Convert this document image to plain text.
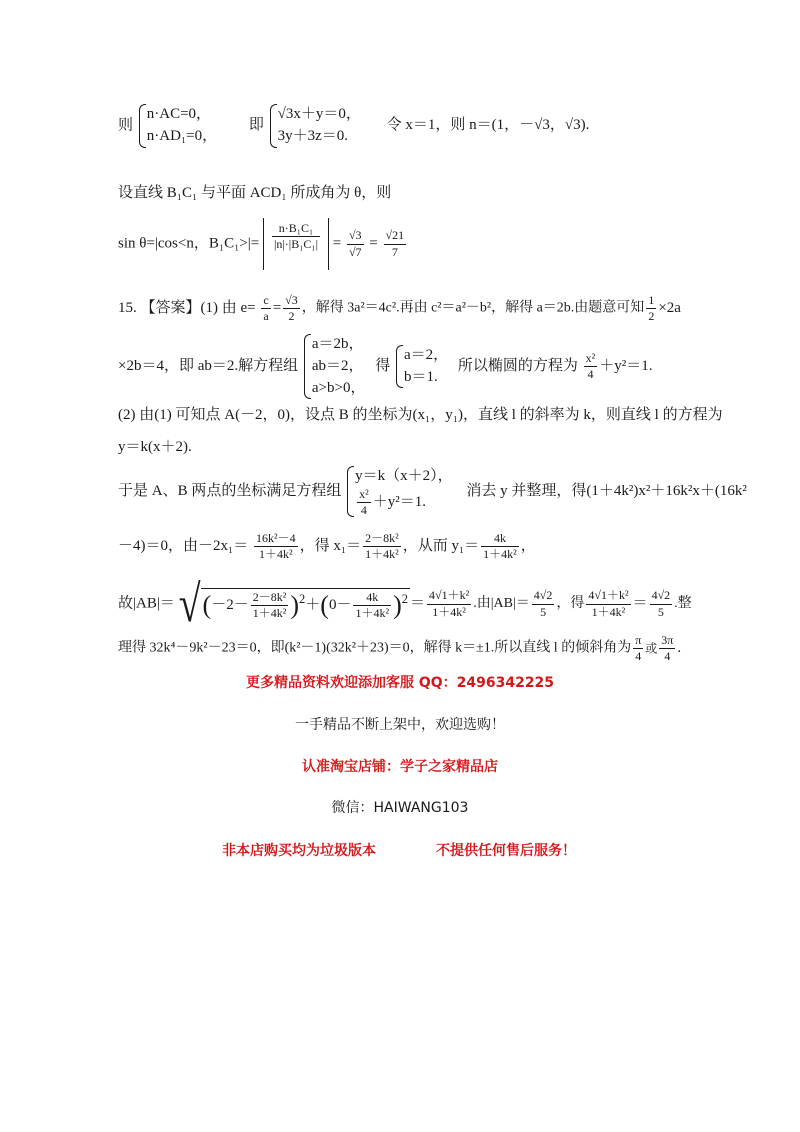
则
n·AC=0，
n·AD₁=0，
即
√3x＋y＝0，
3y＋3z＝0.
令 x＝1，则 n＝(1，－√3，√3).
设直线 B₁C₁ 与平面 ACD₁ 所成角为 θ，则
sin θ=|cos<n，$B_1C_1>|= \frac{\text{n·B₁C₁}}{\text{|n|·|B₁C₁|}} = \frac{√3}{√7} = \frac{√21}{7}$
15. 【答案】(1) 由 $e= \frac{c}{a} = \frac{√3}{2}$ ，解得 3a²＝4c².再由 c²＝a²－b²，解得 a＝2b.由题意可知 $\frac{1}{2} \times 2a$
×2b＝4，即 ab＝2.解方程组
a＝2b，
ab＝2，
a>b>0，
得
a＝2，
b＝1.
所以椭圆的方程为 $\frac{\text{x²}}{4} +y^2=1$.
(2) 由(1) 可知点 A(－2，0)，设点 B 的坐标为(x₁，y₁)，直线 l 的斜率为 k，则直线 l 的方程为
y＝k(x＋2).
于是 A、B 两点的坐标满足方程组
y＝k（x＋2），
$\frac{\text{x²}}{4} +y^2=1$.
消去 y 并整理，得(1＋4k²)x²＋16k²x＋(16k²
－4)＝0，由$-2x_1= \frac{\text{16k²－4}}{\text{1＋4k²}}$ ，得 $x_1= \frac{\text{2－8k²}}{\text{1＋4k²}}$ ，从而 $y_1= \frac{4k}{\text{1＋4k²}}$ ，
故$|AB|= √(-2- \frac{\text{2－8k²}}{\text{1＋4k²}} )^2+(0- \frac{4k}{\text{1＋4k²}} )^2 = \frac{\text{4√1＋k²}}{\text{1＋4k²}}$ .由$|AB|= \frac{4√2}{5}$ ，得 $\frac{\text{4√1＋k²}}{\text{1＋4k²}} = \frac{4√2}{5}$ .整
理得 32k⁴－9k²－23＝0，即(k²－1)(32k²＋23)＝0，解得 k＝±1.所以直线 l 的倾斜角为 $\frac{\pi}{4}$ 或 $\frac{3\pi}{4}$ .
更多精品资料欢迎添加客服 QQ：2496342225
一手精品不断上架中，欢迎选购！
认准淘宝店铺：学子之家精品店
微信：HAIWANG103
非本店购买均为垃圾版本	不提供任何售后服务！
